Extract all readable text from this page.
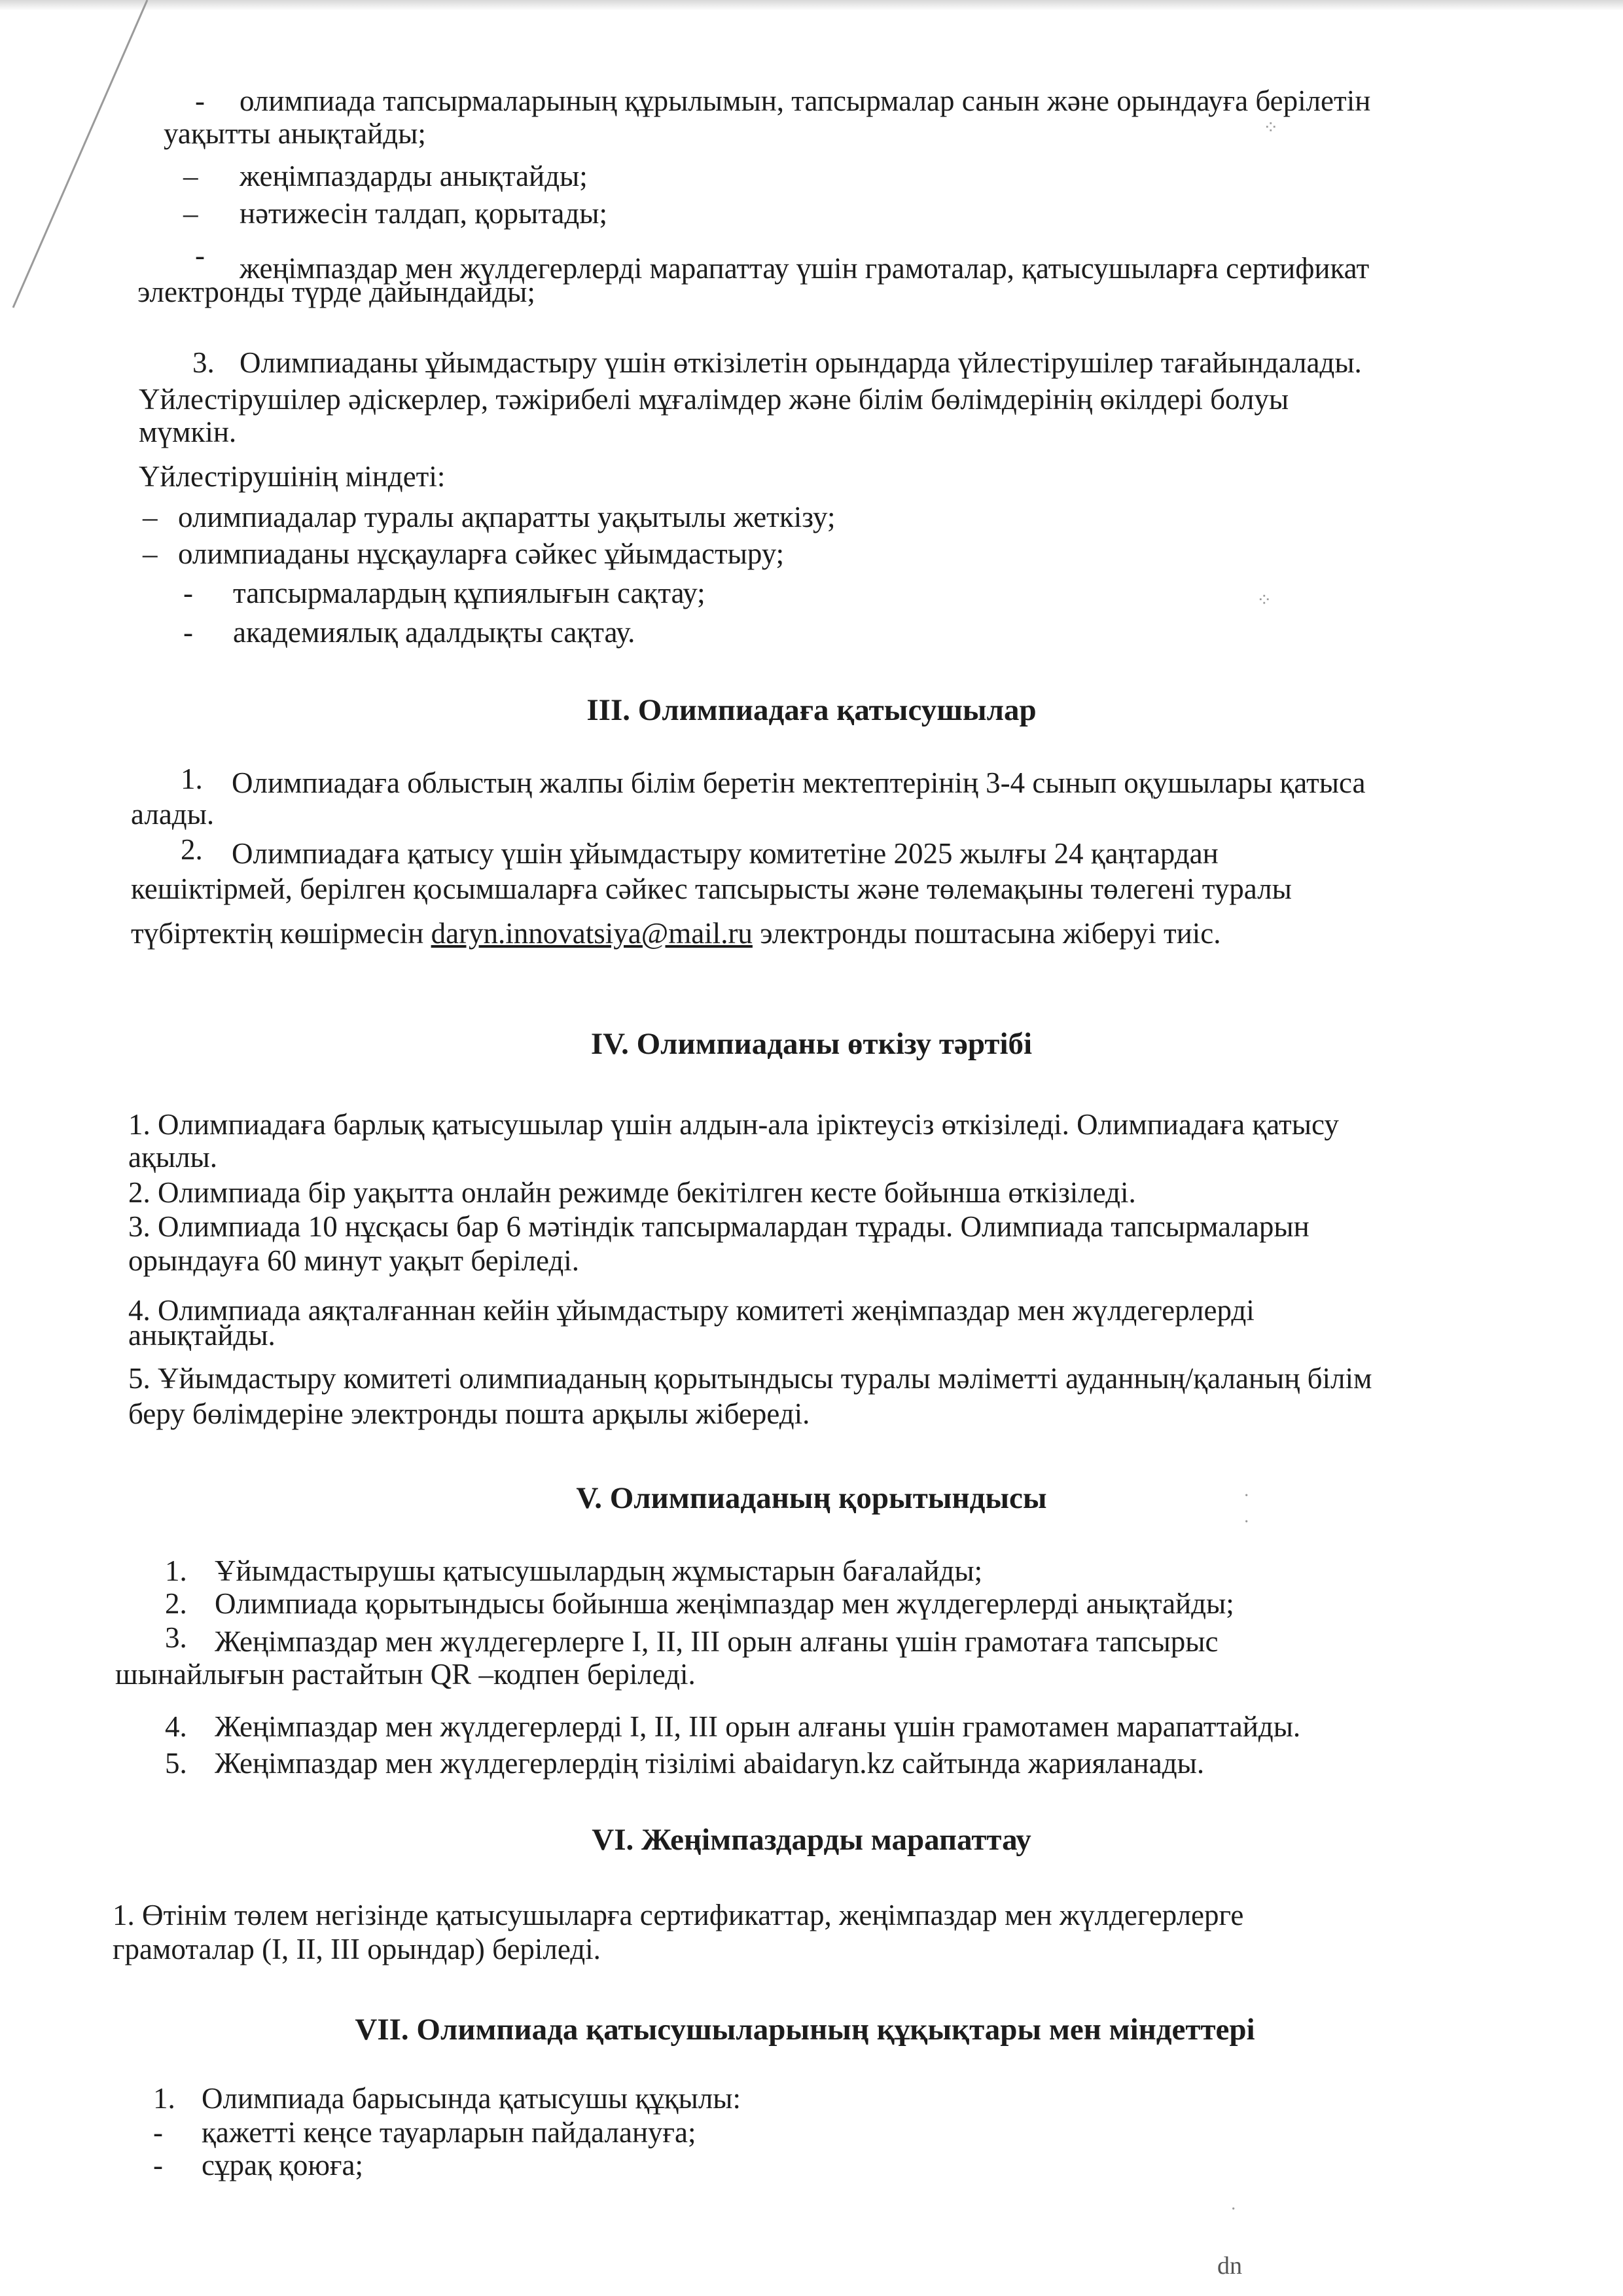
- олимпиада тапсырмаларының құрылымын, тапсырмалар санын және орындауға берілетін
уақытты анықтайды;
– жеңімпаздарды анықтайды;
– нәтижесін талдап, қорытады;
- жеңімпаздар мен жүлдегерлерді марапаттау үшін грамоталар, қатысушыларға сертификат
электронды түрде дайындайды;
3. Олимпиаданы ұйымдастыру үшін өткізілетін орындарда үйлестірушілер тағайындалады.
Үйлестірушілер әдіскерлер, тәжірибелі мұғалімдер және білім бөлімдерінің өкілдері болуы
мүмкін.
Үйлестірушінің міндеті:
– олимпиадалар туралы ақпаратты уақытылы жеткізу;
– олимпиаданы нұсқауларға сәйкес ұйымдастыру;
- тапсырмалардың құпиялығын сақтау;
- академиялық адалдықты сақтау.
III. Олимпиадаға қатысушылар
1. Олимпиадаға облыстың жалпы білім беретін мектептерінің 3-4 сынып оқушылары қатыса
алады.
2. Олимпиадаға қатысу үшін ұйымдастыру комитетіне 2025 жылғы 24 қаңтардан
кешіктірмей, берілген қосымшаларға сәйкес тапсырысты және төлемақыны төлегені туралы
түбіртектің көшірмесін daryn.innovatsiya@mail.ru электронды поштасына жіберуі тиіс.
IV. Олимпиаданы өткізу тәртібі
1. Олимпиадаға барлық қатысушылар үшін алдын-ала іріктеусіз өткізіледі. Олимпиадаға қатысу
ақылы.
2. Олимпиада бір уақытта онлайн режимде бекітілген кесте бойынша өткізіледі.
3. Олимпиада 10 нұсқасы бар 6 мәтіндік тапсырмалардан тұрады. Олимпиада тапсырмаларын
орындауға 60 минут уақыт беріледі.
4. Олимпиада аяқталғаннан кейін ұйымдастыру комитеті жеңімпаздар мен жүлдегерлерді
анықтайды.
5. Ұйымдастыру комитеті олимпиаданың қорытындысы туралы мәліметті ауданның/қаланың білім
беру бөлімдеріне электронды пошта арқылы жібереді.
V. Олимпиаданың қорытындысы
1. Ұйымдастырушы қатысушылардың жұмыстарын бағалайды;
2. Олимпиада қорытындысы бойынша жеңімпаздар мен жүлдегерлерді анықтайды;
3. Жеңімпаздар мен жүлдегерлерге I, II, III орын алғаны үшін грамотаға тапсырыс
шынайлығын растайтын QR –кодпен беріледі.
4. Жеңімпаздар мен жүлдегерлерді I, II, III орын алғаны үшін грамотамен марапаттайды.
5. Жеңімпаздар мен жүлдегерлердің тізілімі abaidaryn.kz сайтында жарияланады.
VI. Жеңімпаздарды марапаттау
1. Өтінім төлем негізінде қатысушыларға сертификаттар, жеңімпаздар мен жүлдегерлерге
грамоталар (I, II, III орындар) беріледі.
VII. Олимпиада қатысушыларының құқықтары мен міндеттері
1. Олимпиада барысында қатысушы құқылы:
- қажетті кеңсе тауарларын пайдалануға;
- сұрақ қоюға;
dn
⁘
⁘
·
·
·
